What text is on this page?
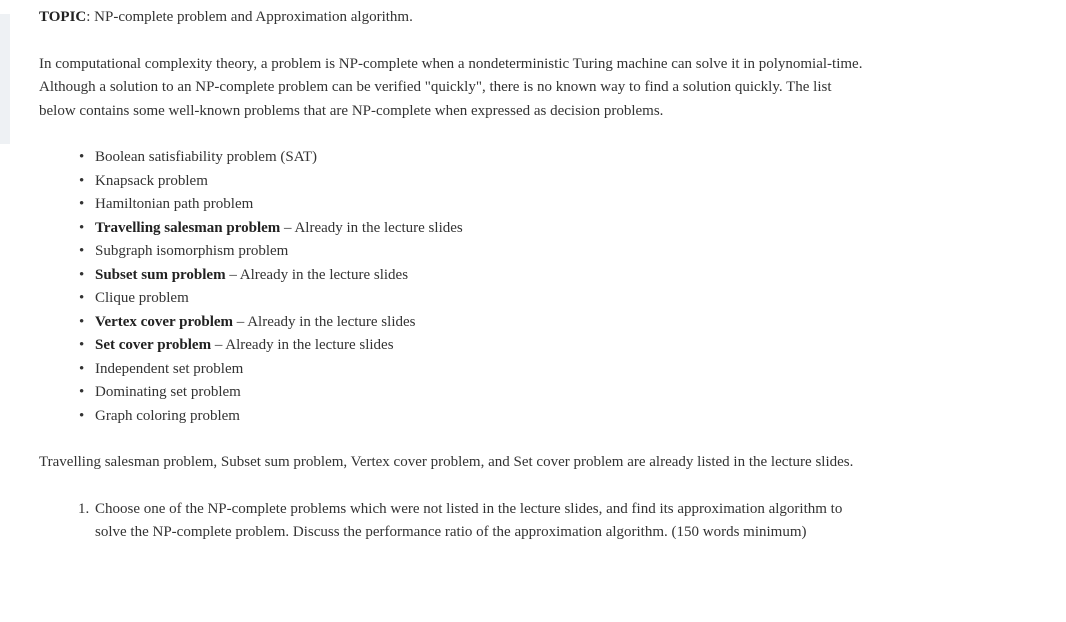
TOPIC: NP-complete problem and Approximation algorithm.

In computational complexity theory, a problem is NP-complete when a nondeterministic Turing machine can solve it in polynomial-time. Although a solution to an NP-complete problem can be verified "quickly", there is no known way to find a solution quickly. The list below contains some well-known problems that are NP-complete when expressed as decision problems.

• Boolean satisfiability problem (SAT)
• Knapsack problem
• Hamiltonian path problem
• Travelling salesman problem – Already in the lecture slides
• Subgraph isomorphism problem
• Subset sum problem – Already in the lecture slides
• Clique problem
• Vertex cover problem – Already in the lecture slides
• Set cover problem – Already in the lecture slides
• Independent set problem
• Dominating set problem
• Graph coloring problem

Travelling salesman problem, Subset sum problem, Vertex cover problem, and Set cover problem are already listed in the lecture slides.

1. Choose one of the NP-complete problems which were not listed in the lecture slides, and find its approximation algorithm to solve the NP-complete problem. Discuss the performance ratio of the approximation algorithm. (150 words minimum)
